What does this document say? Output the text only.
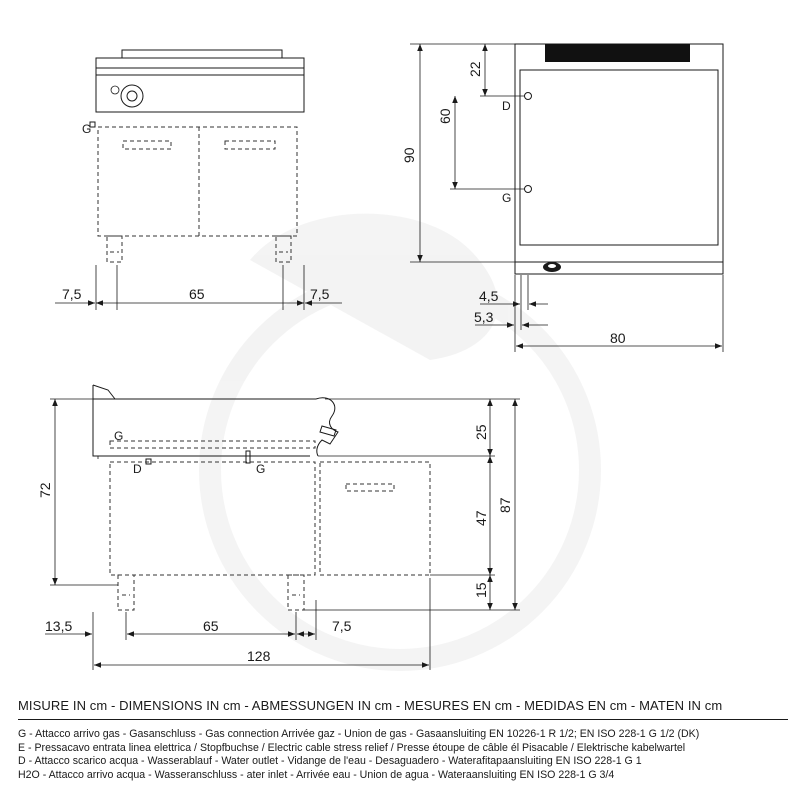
G
7,5	65	7,5
D
G
22
60
90
4,5
5,3
80
G
D	G
72
25
47
87
15
13,5	65	7,5
128
MISURE IN cm - DIMENSIONS IN cm - ABMESSUNGEN IN cm - MESURES EN cm - MEDIDAS EN cm - MATEN IN cm
G - Attacco arrivo gas - Gasanschluss - Gas connection Arrivée gaz - Union de gas - Gasaansluiting EN 10226-1 R 1/2; EN ISO 228-1 G 1/2 (DK)
E - Pressacavo entrata linea elettrica / Stopfbuchse / Electric cable stress relief / Presse étoupe de câble él Pisacable / Elektrische kabelwartel
D - Attacco scarico acqua - Wasserablauf - Water outlet - Vidange de l'eau - Desaguadero - Waterafitapaansluiting EN ISO 228-1 G 1
H2O - Attacco arrivo acqua - Wasseranschluss - ater inlet - Arrivée eau - Union de agua - Wateraansluiting EN ISO 228-1 G 3/4
